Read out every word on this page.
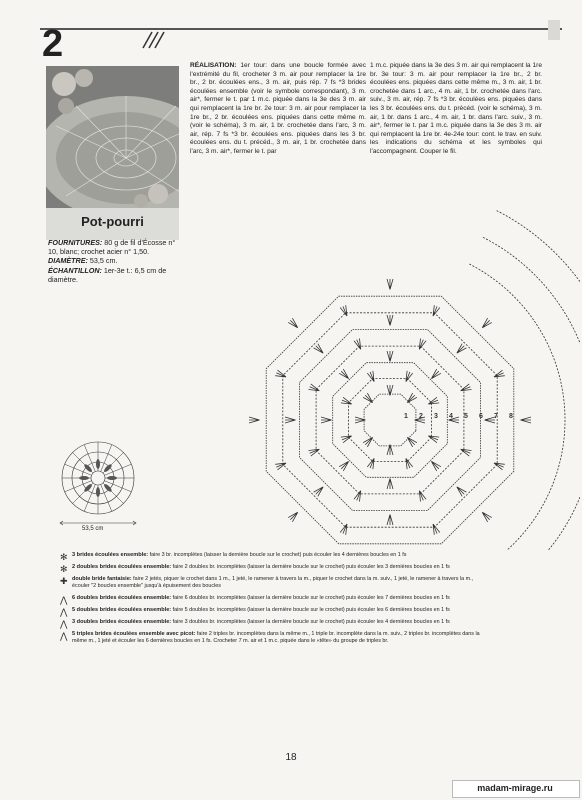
2
Pot-pourri
FOURNITURES: 80 g de fil d'Écosse n° 10, blanc; crochet acier n° 1,50.
DIAMÈTRE: 53,5 cm.
ÉCHANTILLON: 1er-3e t.: 6,5 cm de diamètre.
RÉALISATION: 1er tour: dans une boucle formée avec l'extrémité du fil, crocheter 3 m. air pour remplacer la 1re br., 2 br. écoulées ens., 3 m. air, puis rép. 7 fs *3 brides écoulées ensemble (voir le symbole correspondant), 3 m. air*, fermer le t. par 1 m.c. piquée dans la 3e des 3 m. air qui remplacent la 1re br. 2e tour: 3 m. air pour remplacer la 1re br., 2 br. écoulées ens. piquées dans cette même m. (voir le schéma), 3 m. air, 1 br. crochetée dans l'arc, 3 m. air, rép. 7 fs *3 br. écoulées ens. piquées dans les 3 br. écoulées ens. du t. précéd., 3 m. air, 1 br. crochetée dans l'arc, 3 m. air*, fermer le t. par
1 m.c. piquée dans la 3e des 3 m. air qui remplacent la 1re br. 3e tour: 3 m. air pour remplacer la 1re br., 2 br. écoulées ens. piquées dans cette même m., 3 m. air, 1 br. crochetée dans 1 arc., 4 m. air, 1 br. crochetée dans l'arc. suiv., 3 m. air, rép. 7 fs *3 br. écoulées ens. piquées dans les 3 br. écoulées ens. du t. précéd. (voir le schéma), 3 m. air, 1 br. dans 1 arc., 4 m. air, 1 br. dans l'arc. suiv., 3 m. air*, fermer le t. par 1 m.c. piquée dans la 3e des 3 m. air qui remplacent la 1re br. 4e-24e tour: cont. le trav. en suiv. les indications du schéma et les symboles qui l'accompagnent. Couper le fil.
1 2 3 4 5 6 7 8
53,5 cm
✻ 3 brides écoulées ensemble: faire 3 br. incomplètes (laisser la dernière boucle sur le crochet) puis écouler les 4 dernières boucles en 1 fs
✻ 2 doubles brides écoulées ensemble: faire 2 doubles br. incomplètes (laisser la dernière boucle sur le crochet) puis écouler les 3 dernières boucles en 1 fs
✚ double bride fantaisie: faire 2 jetés, piquer le crochet dans 1 m., 1 jeté, le ramener à travers la m., piquer le crochet dans la m. suiv., 1 jeté, le ramener à travers la m., écouler "2 boucles ensemble" jusqu'à épuisement des boucles
⋀ 6 doubles brides écoulées ensemble: faire 6 doubles br. incomplètes (laisser la dernière boucle sur le crochet) puis écouler les 7 dernières boucles en 1 fs
⋀ 5 doubles brides écoulées ensemble: faire 5 doubles br. incomplètes (laisser la dernière boucle sur le crochet) puis écouler les 6 dernières boucles en 1 fs
⋀ 3 doubles brides écoulées ensemble: faire 3 doubles br. incomplètes (laisser la dernière boucle sur le crochet) puis écouler les 4 dernières boucles en 1 fs
⋀ 5 triples brides écoulées ensemble avec picot: faire 2 triples br. incomplètes dans la même m., 1 triple br. incomplète dans la m. suiv., 2 triples br. incomplètes dans la même m., 1 jeté et écouler les 6 dernières boucles en 1 fs. Crocheter 7 m. air et 1 m.c. piquée dans le «tête» du groupe de triples br.
18
madam-mirage.ru
